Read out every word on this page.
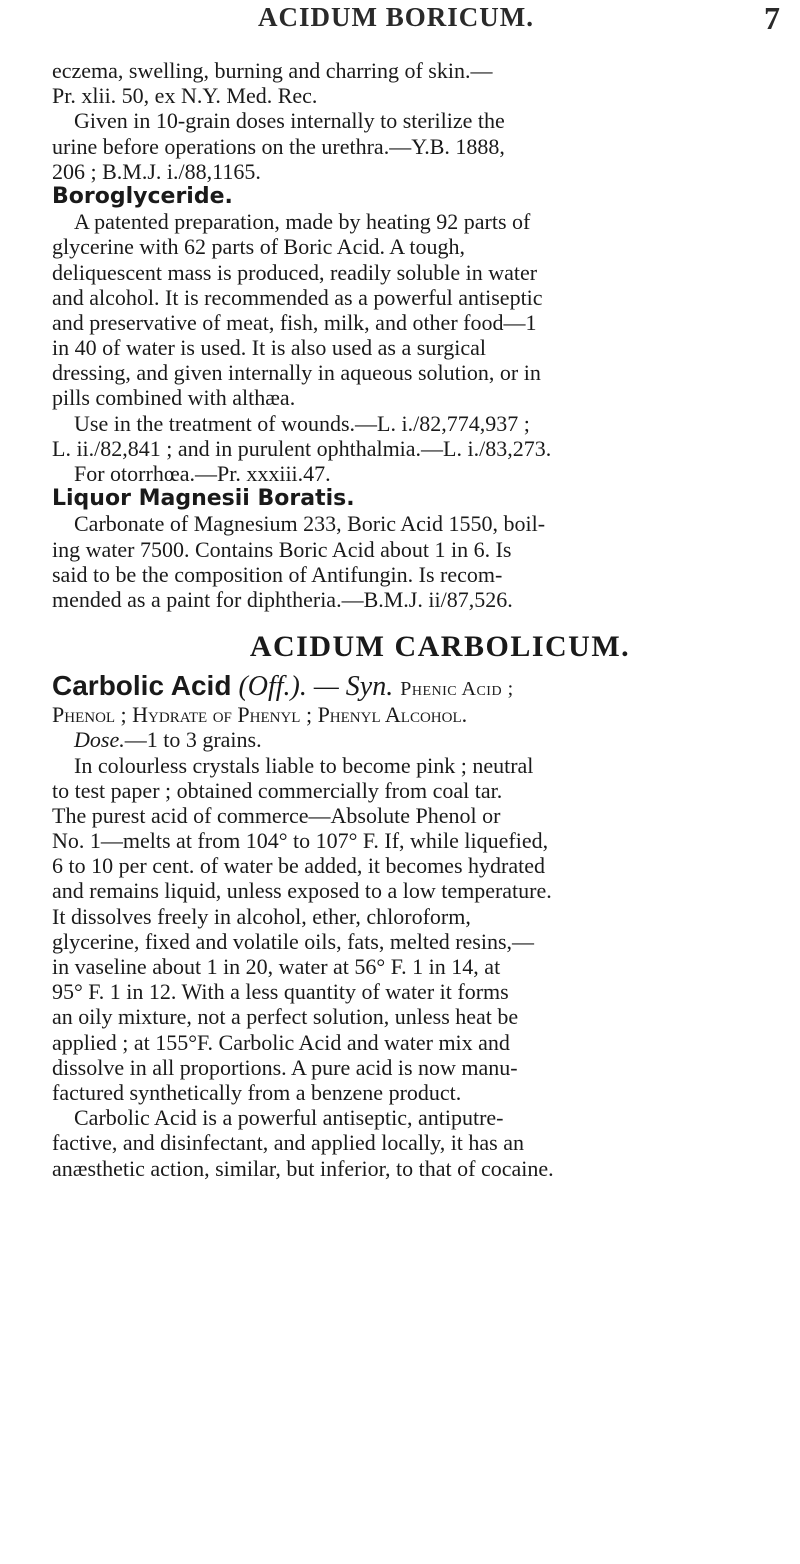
ACIDUM BORICUM.	7
eczema, swelling, burning and charring of skin.—
Pr. xlii. 50, ex N.Y. Med. Rec.
Given in 10-grain doses internally to sterilize the
urine before operations on the urethra.—Y.B. 1888,
206 ; B.M.J. i./88,1165.
Boroglyceride.
A patented preparation, made by heating 92 parts of
glycerine with 62 parts of Boric Acid. A tough,
deliquescent mass is produced, readily soluble in water
and alcohol. It is recommended as a powerful antiseptic
and preservative of meat, fish, milk, and other food—1
in 40 of water is used. It is also used as a surgical
dressing, and given internally in aqueous solution, or in
pills combined with althæa.
Use in the treatment of wounds.—L. i./82,774,937 ;
L. ii./82,841 ; and in purulent ophthalmia.—L. i./83,273.
For otorrhœa.—Pr. xxxiii.47.
Liquor Magnesii Boratis.
Carbonate of Magnesium 233, Boric Acid 1550, boil-
ing water 7500. Contains Boric Acid about 1 in 6. Is
said to be the composition of Antifungin. Is recom-
mended as a paint for diphtheria.—B.M.J. ii/87,526.
ACIDUM CARBOLICUM.
Carbolic Acid (Off.). — Syn. Phenic Acid ;
Phenol ; Hydrate of Phenyl ; Phenyl Alcohol.
Dose.—1 to 3 grains.
In colourless crystals liable to become pink ; neutral
to test paper ; obtained commercially from coal tar.
The purest acid of commerce—Absolute Phenol or
No. 1—melts at from 104° to 107° F. If, while liquefied,
6 to 10 per cent. of water be added, it becomes hydrated
and remains liquid, unless exposed to a low temperature.
It dissolves freely in alcohol, ether, chloroform,
glycerine, fixed and volatile oils, fats, melted resins,—
in vaseline about 1 in 20, water at 56° F. 1 in 14, at
95° F. 1 in 12. With a less quantity of water it forms
an oily mixture, not a perfect solution, unless heat be
applied ; at 155°F. Carbolic Acid and water mix and
dissolve in all proportions. A pure acid is now manu-
factured synthetically from a benzene product.
Carbolic Acid is a powerful antiseptic, antiputre-
factive, and disinfectant, and applied locally, it has an
anæsthetic action, similar, but inferior, to that of cocaine.
